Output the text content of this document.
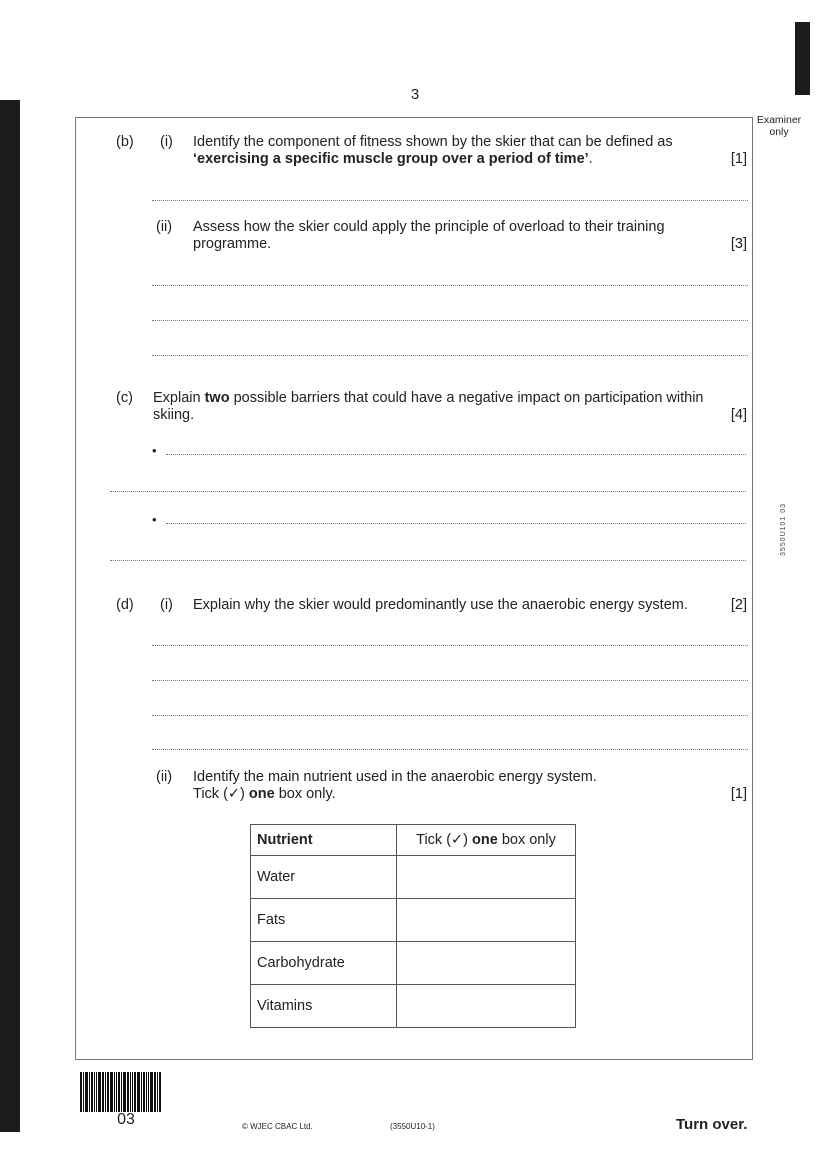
3
Examiner only
3550U101 03
(b) (i) Identify the component of fitness shown by the skier that can be defined as
‘exercising a specific muscle group over a period of time’.	[1]
(ii) Assess how the skier could apply the principle of overload to their training
programme.	[3]
(c) Explain two possible barriers that could have a negative impact on participation within
skiing.	[4]
•
•
(d) (i) Explain why the skier would predominantly use the anaerobic energy system.	[2]
(ii) Identify the main nutrient used in the anaerobic energy system.
Tick (✓) one box only.	[1]
Nutrient	Tick (✓) one box only
Water	
Fats	
Carbohydrate	
Vitamins	
03	© WJEC CBAC Ltd.	(3550U10-1)	Turn over.
